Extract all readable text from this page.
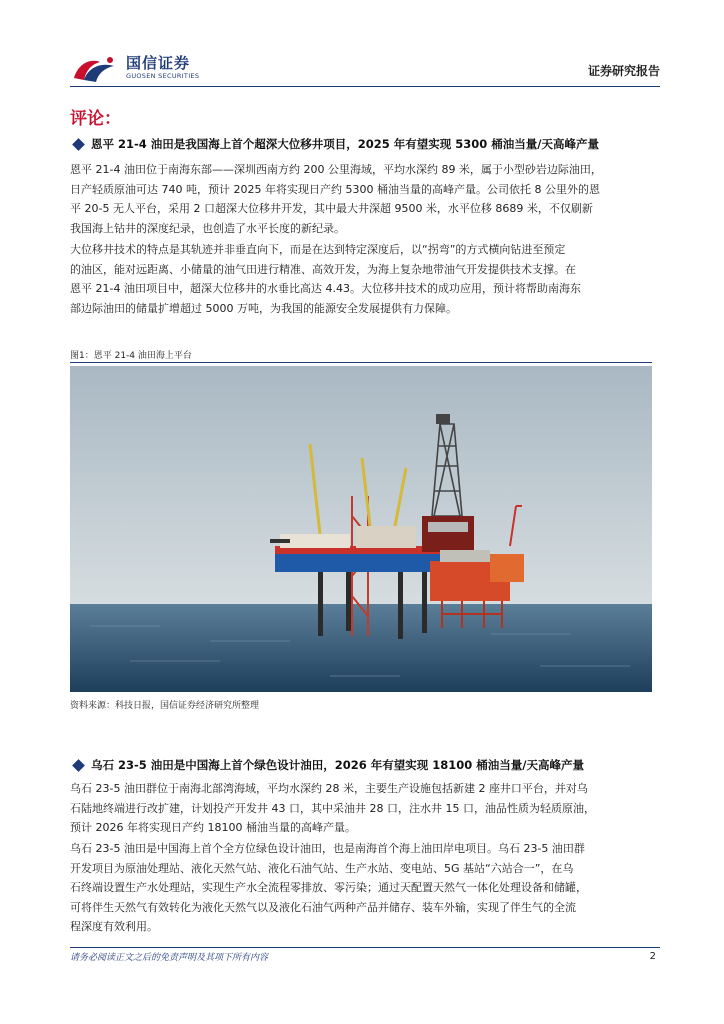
国信证券
GUOSEN SECURITIES	证券研究报告
评论：
恩平 21-4 油田是我国海上首个超深大位移井项目，2025 年有望实现 5300 桶油当量/天高峰产量

恩平 21-4 油田位于南海东部——深圳西南方约 200 公里海域，平均水深约 89 米，属于小型砂岩边际油田，
日产轻质原油可达 740 吨，预计 2025 年将实现日产约 5300 桶油当量的高峰产量。公司依托 8 公里外的恩
平 20-5 无人平台，采用 2 口超深大位移井开发，其中最大井深超 9500 米，水平位移 8689 米，不仅刷新
我国海上钻井的深度纪录，也创造了水平长度的新纪录。

大位移井技术的特点是其轨迹并非垂直向下，而是在达到特定深度后，以“拐弯”的方式横向钻进至预定
的油区，能对远距离、小储量的油气田进行精准、高效开发，为海上复杂地带油气开发提供技术支撑。在
恩平 21-4 油田项目中，超深大位移井的水垂比高达 4.43。大位移井技术的成功应用，预计将帮助南海东
部边际油田的储量扩增超过 5000 万吨，为我国的能源安全发展提供有力保障。

图1：恩平 21-4 油田海上平台
资料来源：科技日报，国信证券经济研究所整理
乌石 23-5 油田是中国海上首个绿色设计油田，2026 年有望实现 18100 桶油当量/天高峰产量

乌石 23-5 油田群位于南海北部湾海域，平均水深约 28 米，主要生产设施包括新建 2 座井口平台，并对乌
石陆地终端进行改扩建，计划投产开发井 43 口，其中采油井 28 口，注水井 15 口，油品性质为轻质原油，
预计 2026 年将实现日产约 18100 桶油当量的高峰产量。

乌石 23-5 油田是中国海上首个全方位绿色设计油田，也是南海首个海上油田岸电项目。乌石 23-5 油田群
开发项目为原油处理站、液化天然气站、液化石油气站、生产水站、变电站、5G 基站“六站合一”，在乌
石终端设置生产水处理站，实现生产水全流程零排放、零污染；通过天配置天然气一体化处理设备和储罐，
可将伴生天然气有效转化为液化天然气以及液化石油气两种产品并储存、装车外输，实现了伴生气的全流
程深度有效利用。

请务必阅读正文之后的免责声明及其项下所有内容	2
